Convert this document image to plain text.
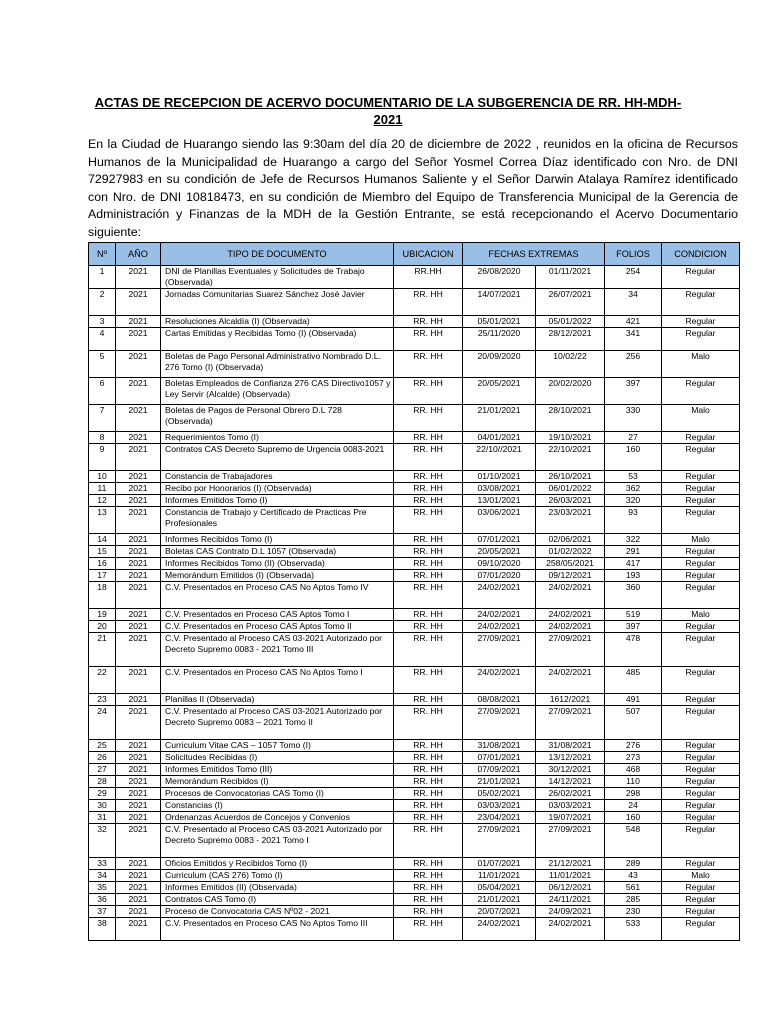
ACTAS DE RECEPCION DE ACERVO DOCUMENTARIO DE LA SUBGERENCIA DE RR. HH-MDH-2021
En la Ciudad de Huarango siendo las 9:30am del día 20 de diciembre de 2022 , reunidos en la oficina de Recursos Humanos de la Municipalidad de Huarango a cargo del Señor Yosmel Correa Díaz identificado con Nro. de DNI 72927983 en su condición de Jefe de Recursos Humanos Saliente y el Señor Darwin Atalaya Ramírez identificado con Nro. de DNI 10818473, en su condición de Miembro del Equipo de Transferencia Municipal de la Gerencia de Administración y Finanzas de la MDH de la Gestión Entrante, se está recepcionando el Acervo Documentario siguiente:
Nº	AÑO	TIPO DE DOCUMENTO	UBICACION	FECHAS EXTREMAS		FOLIOS	CONDICION
1	2021	DNI de Planillas Eventuales y Solicitudes de Trabajo (Observada)	RR.HH	26/08/2020	01/11/2021	254	Regular
2	2021	Jornadas Comunitarias Suarez Sánchez José Javier	RR. HH	14/07/2021	26/07/2021	34	Regular
3	2021	Resoluciones Alcaldía (I) (Observada)	RR. HH	05/01/2021	05/01/2022	421	Regular
4	2021	Cartas Emitidas y Recibidas Tomo (I) (Observada)	RR. HH	25/11/2020	28/12/2021	341	Regular
5	2021	Boletas de Pago Personal Administrativo Nombrado D.L. 276 Tomo (I) (Observada)	RR. HH	20/09/2020	10/02/22	256	Malo
6	2021	Boletas Empleados de Confianza 276 CAS Directivo1057 y Ley Servir (Alcalde) (Observada)	RR. HH	20/05/2021	20/02/2020	397	Regular
7	2021	Boletas de Pagos de Personal Obrero D.L 728 (Observada)	RR. HH	21/01/2021	28/10/2021	330	Malo
8	2021	Requerimientos Tomo (I)	RR. HH	04/01/2021	19/10/2021	27	Regular
9	2021	Contratos CAS Decreto Supremo de Urgencia 0083-2021	RR. HH	22/10//2021	22/10/2021	160	Regular
10	2021	Constancia de Trabajadores	RR. HH	01/10/2021	26/10/2021	53	Regular
11	2021	Recibo por Honorarios (I) (Observada)	RR. HH	03/08/2021	06/01/2022	362	Regular
12	2021	Informes Emitidos Tomo (I)	RR. HH	13/01/2021	26/03/2021	320	Regular
13	2021	Constancia de Trabajo y Certificado de Practicas Pre Profesionales	RR. HH	03/06/2021	23/03/2021	93	Regular
14	2021	Informes Recibidos Tomo (I)	RR. HH	07/01/2021	02/06/2021	322	Malo
15	2021	Boletas CAS Contrato D.L 1057 (Observada)	RR. HH	20/05/2021	01/02/2022	291	Regular
16	2021	Informes Recibidos Tomo (II) (Observada)	RR. HH	09/10/2020	258/05/2021	417	Regular
17	2021	Memorándum Emitidos (I) (Observada)	RR. HH	07/01/2020	09/12/2021	193	Regular
18	2021	C.V. Presentados en Proceso CAS No Aptos Tomo IV	RR. HH	24/02/2021	24/02/2021	360	Regular
19	2021	C.V. Presentados en Proceso CAS Aptos Tomo I	RR. HH	24/02/2021	24/02/2021	519	Malo
20	2021	C.V. Presentados en Proceso CAS Aptos Tomo II	RR. HH	24/02/2021	24/02/2021	397	Regular
21	2021	C.V. Presentado al Proceso CAS 03-2021 Autorizado por Decreto Supremo 0083 - 2021 Tomo III	RR. HH	27/09/2021	27/09/2021	478	Regular
22	2021	C.V. Presentados en Proceso CAS No Aptos Tomo I	RR. HH	24/02/2021	24/02/2021	485	Regular
23	2021	Planillas II (Observada)	RR. HH	08/08/2021	1612/2021	491	Regular
24	2021	C.V. Presentado al Proceso CAS 03-2021 Autorizado por Decreto Supremo 0083 – 2021 Tomo II	RR. HH	27/09/2021	27/09/2021	507	Regular
25	2021	Curriculum Vitae CAS – 1057 Tomo (I)	RR. HH	31/08/2021	31/08/2021	276	Regular
26	2021	Solicitudes Recibidas (I)	RR. HH	07/01/2021	13/12/2021	273	Regular
27	2021	Informes Emitidos Tomo (III)	RR. HH	07/09/2021	30/12/2021	468	Regular
28	2021	Memorándum Recibidos (I)	RR. HH	21/01/2021	14/12/2021	110	Regular
29	2021	Procesos de Convocatorias CAS Tomo (I)	RR. HH	05/02/2021	26/02/2021	298	Regular
30	2021	Constancias (I)	RR. HH	03/03/2021	03/03/2021	24	Regular
31	2021	Ordenanzas Acuerdos de Concejos y Convenios	RR. HH	23/04/2021	19/07/2021	160	Regular
32	2021	C.V. Presentado al Proceso CAS 03-2021 Autorizado por Decreto Supremo 0083 - 2021 Tomo I	RR. HH	27/09/2021	27/09/2021	548	Regular
33	2021	Oficios Emitidos y Recibidos Tomo (I)	RR. HH	01/07/2021	21/12/2021	289	Regular
34	2021	Curriculum (CAS 276) Tomo (I)	RR. HH	11/01/2021	11/01/2021	43	Malo
35	2021	Informes Emitidos (II) (Observada)	RR. HH	05/04/2021	06/12/2021	561	Regular
36	2021	Contratos CAS Tomo (I)	RR. HH	21/01/2021	24/11/2021	285	Regular
37	2021	Proceso de Convocatoria CAS Nº02 - 2021	RR. HH	20/07/2021	24/09/2021	230	Regular
38	2021	C.V. Presentados en Proceso CAS No Aptos Tomo III	RR. HH	24/02/2021	24/02/2021	533	Regular
